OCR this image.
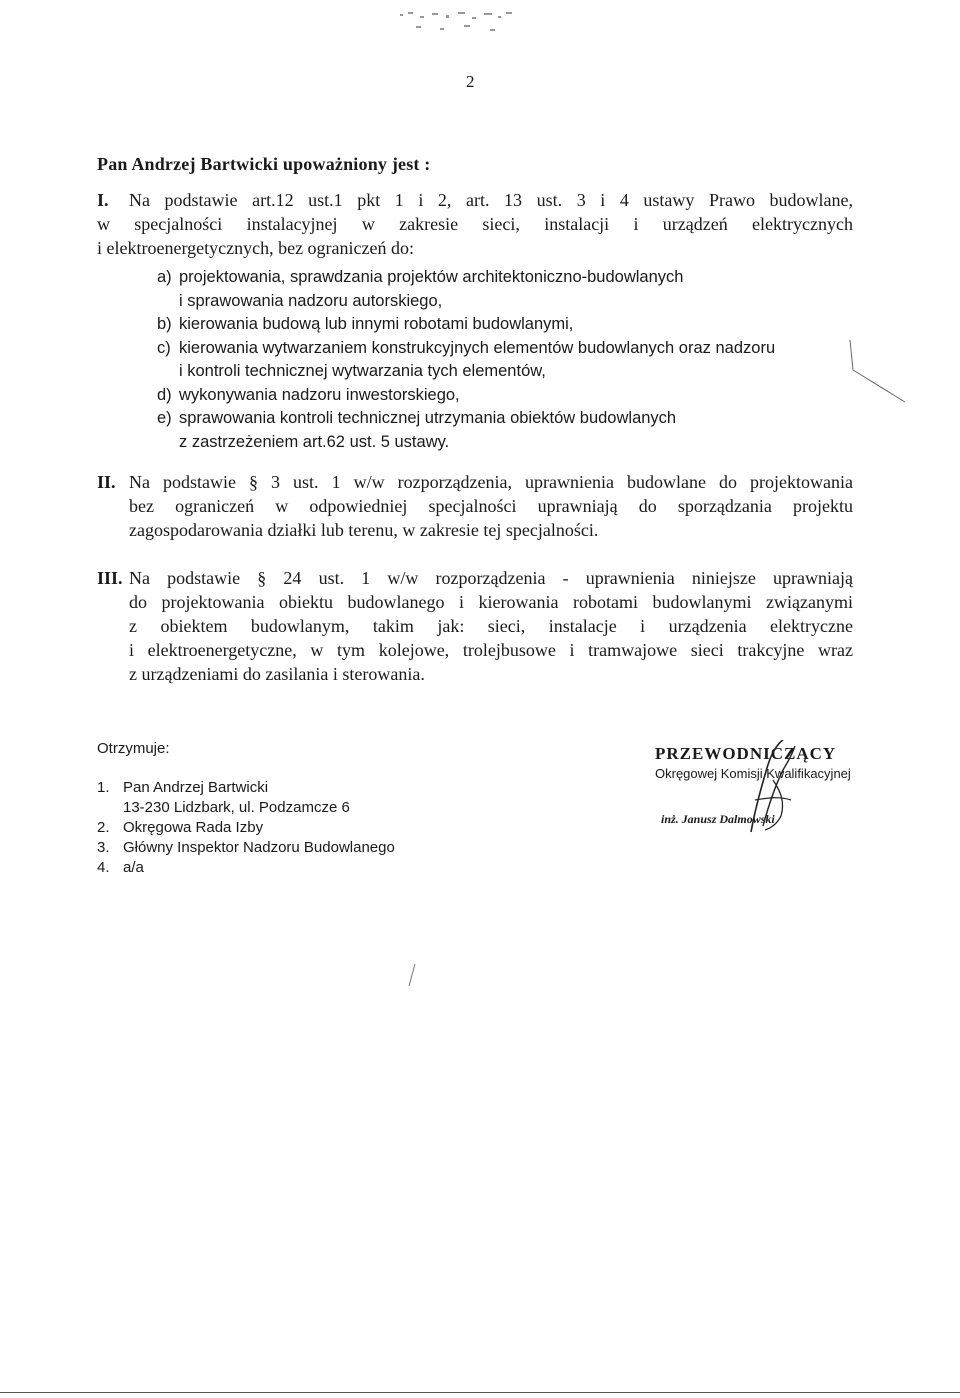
2
Pan Andrzej Bartwicki upoważniony jest :
I. Na podstawie art.12 ust.1 pkt 1 i 2, art. 13 ust. 3 i 4 ustawy Prawo budowlane,
w specjalności instalacyjnej w zakresie sieci, instalacji i urządzeń elektrycznych
i elektroenergetycznych, bez ograniczeń do:
a) projektowania, sprawdzania projektów architektoniczno-budowlanych
i sprawowania nadzoru autorskiego,
b) kierowania budową lub innymi robotami budowlanymi,
c) kierowania wytwarzaniem konstrukcyjnych elementów budowlanych oraz nadzoru
i kontroli technicznej wytwarzania tych elementów,
d) wykonywania nadzoru inwestorskiego,
e) sprawowania kontroli technicznej utrzymania obiektów budowlanych
z zastrzeżeniem art.62 ust. 5 ustawy.
II. Na podstawie § 3 ust. 1 w/w rozporządzenia, uprawnienia budowlane do projektowania
bez ograniczeń w odpowiedniej specjalności uprawniają do sporządzania projektu
zagospodarowania działki lub terenu, w zakresie tej specjalności.
III. Na podstawie § 24 ust. 1 w/w rozporządzenia - uprawnienia niniejsze uprawniają
do projektowania obiektu budowlanego i kierowania robotami budowlanymi związanymi
z obiektem budowlanym, takim jak: sieci, instalacje i urządzenia elektryczne
i elektroenergetyczne, w tym kolejowe, trolejbusowe i tramwajowe sieci trakcyjne wraz
z urządzeniami do zasilania i sterowania.
Otrzymuje:
1. Pan Andrzej Bartwicki
13-230 Lidzbark, ul. Podzamcze 6
2. Okręgowa Rada Izby
3. Główny Inspektor Nadzoru Budowlanego
4. a/a
PRZEWODNICZĄCY
Okręgowej Komisji Kwalifikacyjnej
inż. Janusz Dalmowski
